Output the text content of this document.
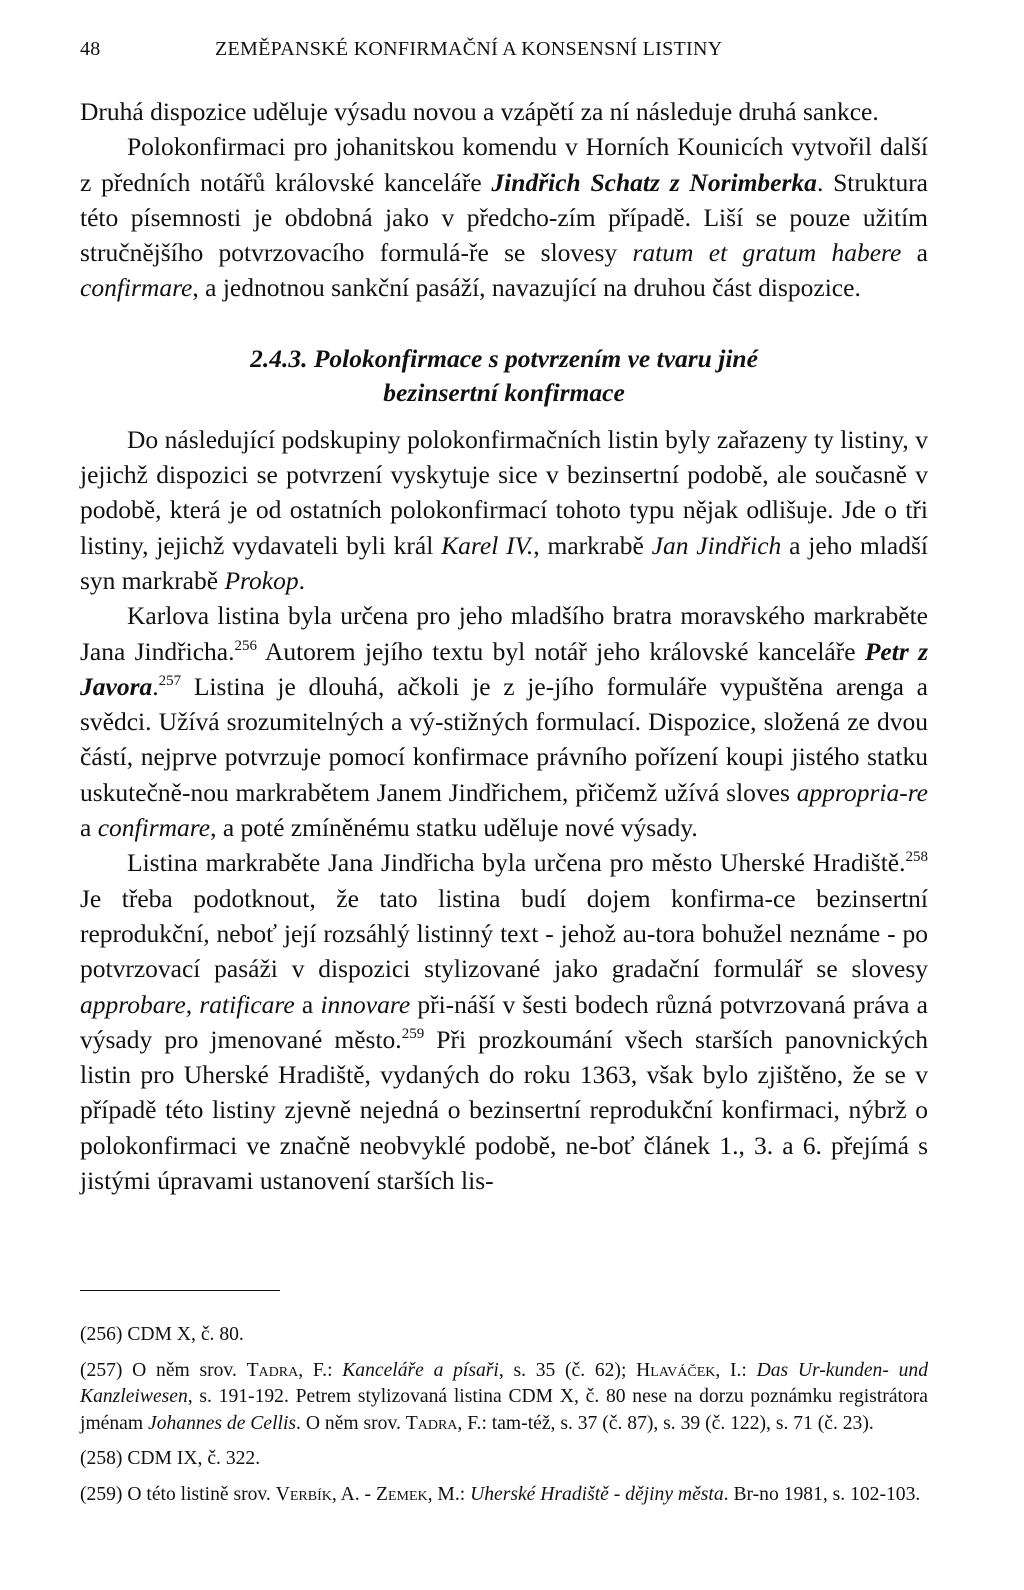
48	ZEMĚPANSKÉ KONFIRMAČNÍ A KONSENSNÍ LISTINY

Druhá dispozice uděluje výsadu novou a vzápětí za ní následuje druhá sankce.

Polokonfirmaci pro johanitskou komendu v Horních Kounicích vytvořil další z předních notářů královské kanceláře Jindřich Schatz z Norimberka. Struktura této písemnosti je obdobná jako v předcho-zím případě. Liší se pouze užitím stručnějšího potvrzovacího formulá-ře se slovesy ratum et gratum habere a confirmare, a jednotnou sankční pasáží, navazující na druhou část dispozice.

2.4.3. Polokonfirmace s potvrzením ve tvaru jiné
bezinsertní konfirmace

Do následující podskupiny polokonfirmačních listin byly zařazeny ty listiny, v jejichž dispozici se potvrzení vyskytuje sice v bezinsertní podobě, ale současně v podobě, která je od ostatních polokonfirmací tohoto typu nějak odlišuje. Jde o tři listiny, jejichž vydavateli byli král Karel IV., markrabě Jan Jindřich a jeho mladší syn markrabě Prokop.

Karlova listina byla určena pro jeho mladšího bratra moravského markraběte Jana Jindřicha.$^{256}$ Autorem jejího textu byl notář jeho královské kanceláře Petr z Javora.$^{257}$ Listina je dlouhá, ačkoli je z je-jího formuláře vypuštěna arenga a svědci. Užívá srozumitelných a vý-stižných formulací. Dispozice, složená ze dvou částí, nejprve potvrzuje pomocí konfirmace právního pořízení koupi jistého statku uskutečně-nou markrabětem Janem Jindřichem, přičemž užívá sloves appropria-re a confirmare, a poté zmíněnému statku uděluje nové výsady.

Listina markraběte Jana Jindřicha byla určena pro město Uherské Hradiště.$^{258}$ Je třeba podotknout, že tato listina budí dojem konfirma-ce bezinsertní reprodukční, neboť její rozsáhlý listinný text - jehož au-tora bohužel neznáme - po potvrzovací pasáži v dispozici stylizované jako gradační formulář se slovesy approbare, ratificare a innovare při-náší v šesti bodech různá potvrzovaná práva a výsady pro jmenované město.$^{259}$ Při prozkoumání všech starších panovnických listin pro Uherské Hradiště, vydaných do roku 1363, však bylo zjištěno, že se v případě této listiny zjevně nejedná o bezinsertní reprodukční konfirmaci, nýbrž o polokonfirmaci ve značně neobvyklé podobě, ne-boť článek 1., 3. a 6. přejímá s jistými úpravami ustanovení starších lis-

(256) CDM X, č. 80.

(257) O něm srov. Tadra, F.: Kanceláře a písaři, s. 35 (č. 62); Hlaváček, I.: Das Ur-kunden- und Kanzleiwesen, s. 191-192. Petrem stylizovaná listina CDM X, č. 80 nese na dorzu poznámku registrátora jménam Johannes de Cellis. O něm srov. Tadra, F.: tam-též, s. 37 (č. 87), s. 39 (č. 122), s. 71 (č. 23).

(258) CDM IX, č. 322.

(259) O této listině srov. Verbík, A. - Zemek, M.: Uherské Hradiště - dějiny města. Br-no 1981, s. 102-103.
